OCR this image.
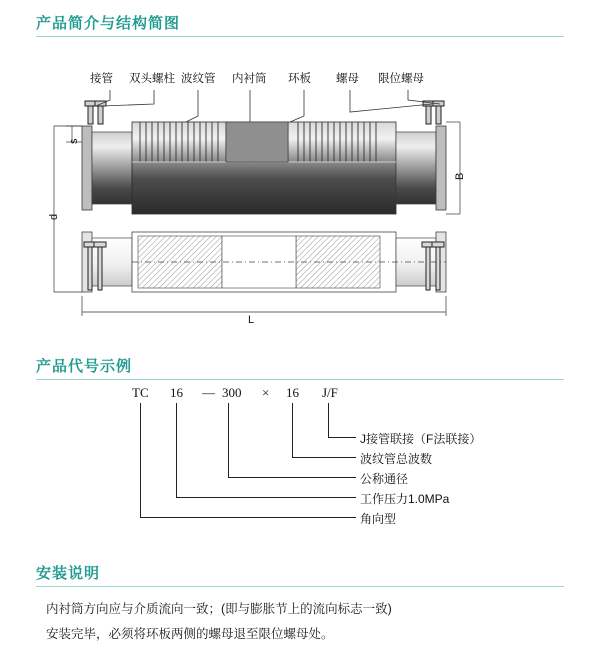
产品简介与结构简图
接管 双头螺柱 波纹管 内衬筒 环板 螺母 限位螺母
s
d
B
L
产品代号示例
TC 16 — 300 × 16 J/F
J接管联接（F法联接）
波纹管总波数
公称通径
工作压力1.0MPa
角向型
安装说明

内衬筒方向应与介质流向一致；(即与膨胀节上的流向标志一致)

安装完毕，必须将环板两侧的螺母退至限位螺母处。
